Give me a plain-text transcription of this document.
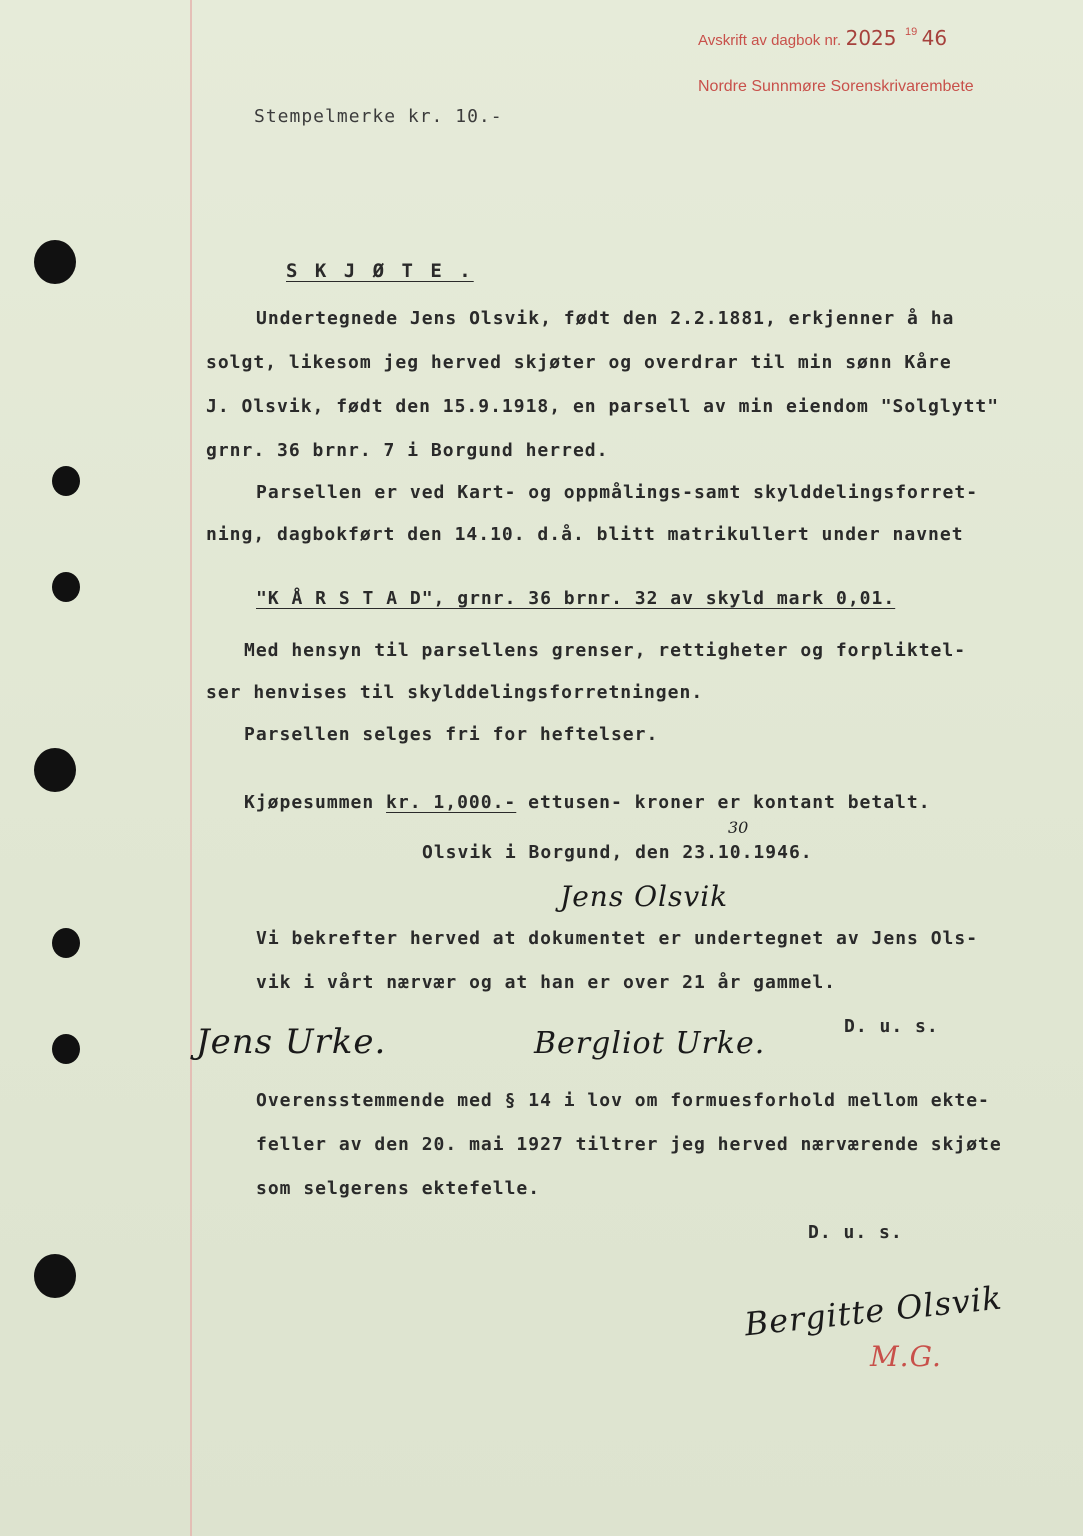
Avskrift av dagbok nr. 2025 $^{19}$ 46
Nordre Sunnmøre Sorenskrivarembete
Stempelmerke kr. 10.-
S K J Ø T E .
Undertegnede Jens Olsvik, født den 2.2.1881, erkjenner å ha
solgt, likesom jeg herved skjøter og overdrar til min sønn Kåre
J. Olsvik, født den 15.9.1918, en parsell av min eiendom "Solglytt"
grnr. 36 brnr. 7 i Borgund herred.
Parsellen er ved Kart- og oppmålings-samt skylddelingsforret-
ning, dagbokført den 14.10. d.å. blitt matrikullert under navnet
"K Å R S T A D", grnr. 36 brnr. 32 av skyld mark 0,01.
Med hensyn til parsellens grenser, rettigheter og forpliktel-
ser henvises til skylddelingsforretningen.
Parsellen selges fri for heftelser.
Kjøpesummen kr. 1,000.- ettusen- kroner er kontant betalt.
30
Olsvik i Borgund, den 23.10.1946.
Jens Olsvik
Vi bekrefter herved at dokumentet er undertegnet av Jens Ols-
vik i vårt nærvær og at han er over 21 år gammel.
Jens Urke.	Bergliot Urke.	D. u. s.
Overensstemmende med § 14 i lov om formuesforhold mellom ekte-
feller av den 20. mai 1927 tiltrer jeg herved nærværende skjøte
som selgerens ektefelle.
D. u. s.
Bergitte Olsvik
M.G.
